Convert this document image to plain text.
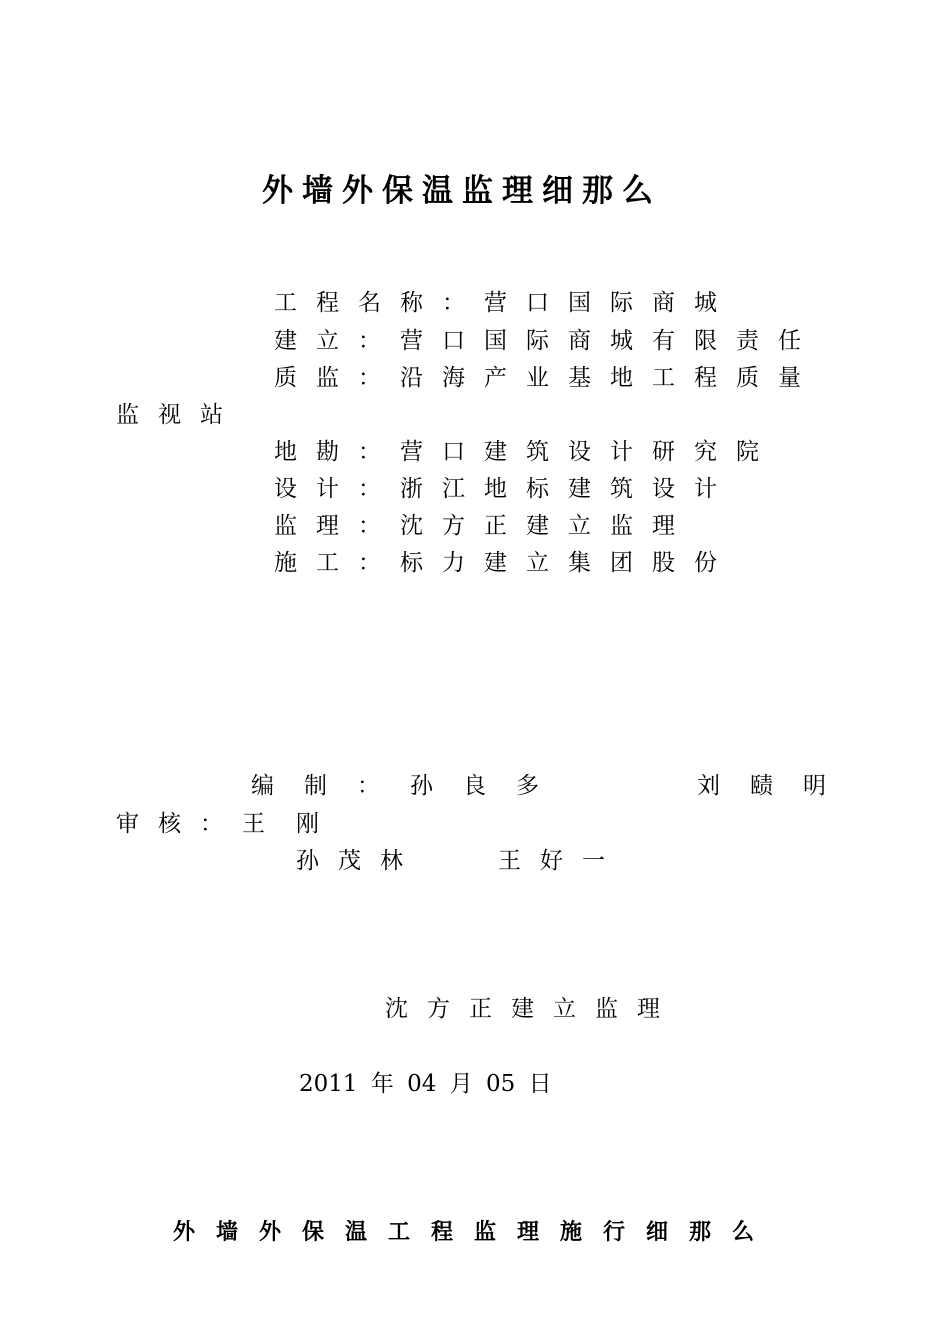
外墙外保温监理细那么
工程名称：营口国际商城
建立：营口国际商城有限责任
质监：沿海产业基地工程质量
监视站
地勘：营口建筑设计研究院
设计：浙江地标建筑设计
监理：沈方正建立监理
施工：标力建立集团股份
编制：孙良多	刘赜明
审核：王 刚
孙茂林	王好一
沈方正建立监理
2011 年 04 月 05 日
外墙外保温工程监理施行细那么
